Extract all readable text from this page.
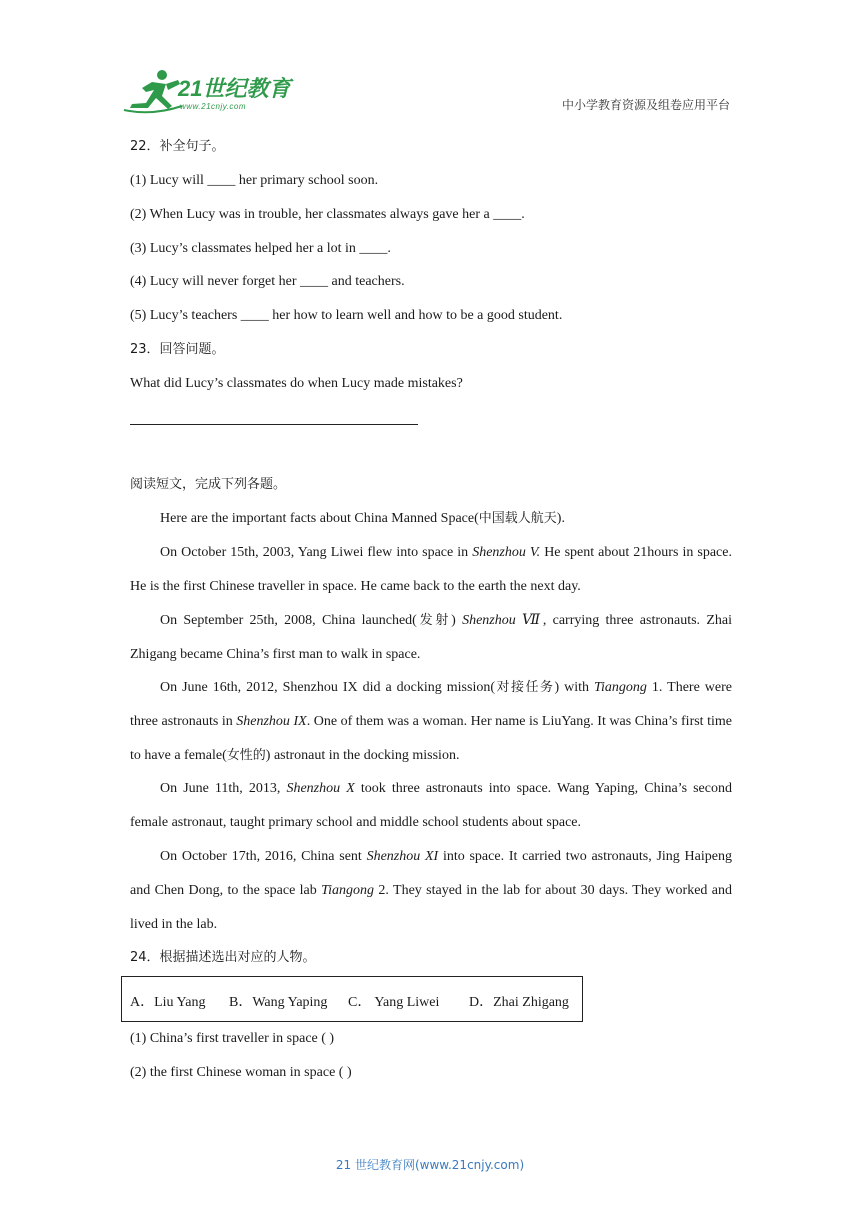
21世纪教育
www.21cnjy.com	中小学教育资源及组卷应用平台
22．补全句子。
(1) Lucy will ____ her primary school soon.
(2) When Lucy was in trouble, her classmates always gave her a ____.
(3) Lucy’s classmates helped her a lot in ____.
(4) Lucy will never forget her ____ and teachers.
(5) Lucy’s teachers ____ her how to learn well and how to be a good student.
23．回答问题。
What did Lucy’s classmates do when Lucy made mistakes?
阅读短文，完成下列各题。
Here are the important facts about China Manned Space(中国载人航天).
On October 15th, 2003, Yang Liwei flew into space in Shenzhou V. He spent about 21hours in space. He is the first Chinese traveller in space. He came back to the earth the next day.
On September 25th, 2008, China launched(发射) Shenzhou Ⅶ, carrying three astronauts. Zhai Zhigang became China’s first man to walk in space.
On June 16th, 2012, Shenzhou IX did a docking mission(对接任务) with Tiangong 1. There were three astronauts in Shenzhou IX. One of them was a woman. Her name is LiuYang. It was China’s first time to have a female(女性的) astronaut in the docking mission.
On June 11th, 2013, Shenzhou X took three astronauts into space. Wang Yaping, China’s second female astronaut, taught primary school and middle school students about space.
On October 17th, 2016, China sent Shenzhou XI into space. It carried two astronauts, Jing Haipeng and Chen Dong, to the space lab Tiangong 2. They stayed in the lab for about 30 days. They worked and lived in the lab.
24．根据描述选出对应的人物。
A．Liu Yang B．Wang Yaping C． Yang Liwei D．Zhai Zhigang
(1) China’s first traveller in space ( )
(2) the first Chinese woman in space ( )
21 世纪教育网(www.21cnjy.com)
